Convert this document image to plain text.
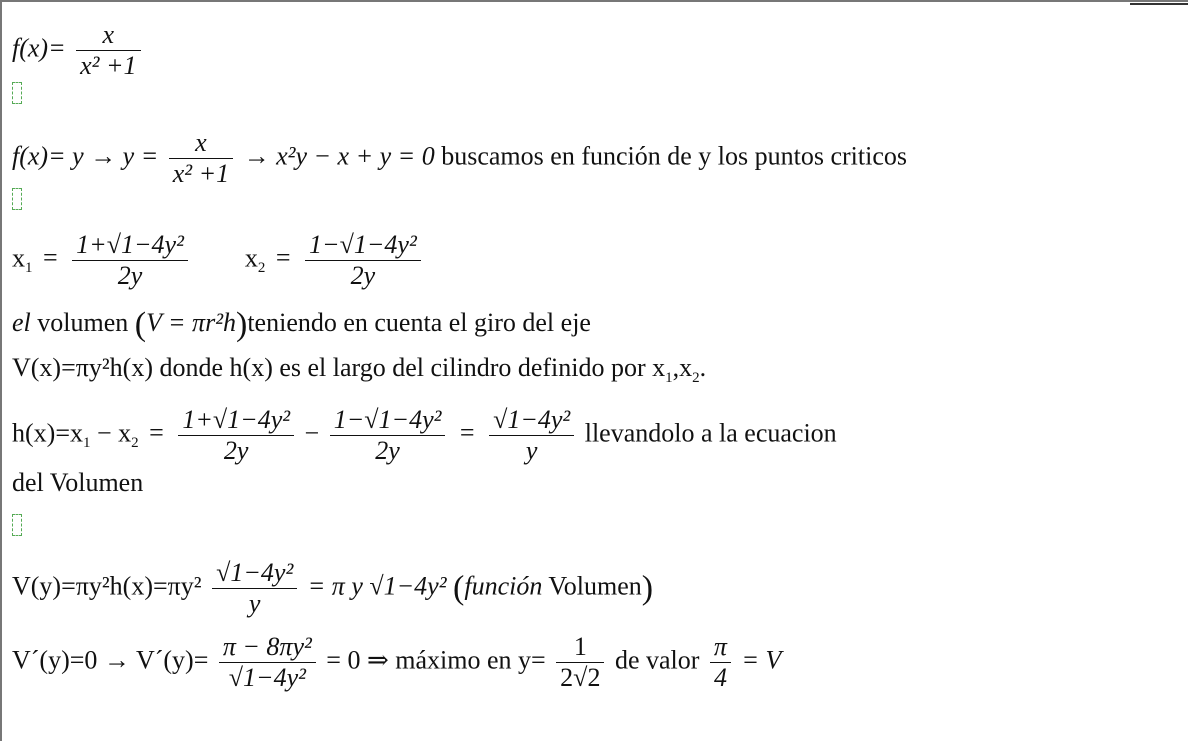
$f(x)= \frac{x}{\text{x² +1}}$
$f(x)= y \to y = \frac{x}{\text{x² +1}} \to x^2y - x + y = 0$ buscamos en función de y los puntos criticos
$x_1 = \frac{\text{1+√1−4y²}}{2y} x_2 = \frac{\text{1−√1−4y²}}{2y}$
el volumen (V = πr²h)teniendo en cuenta el giro del eje
V(x)=πy²h(x) donde h(x) es el largo del cilindro definido por $x_1,x_2$.
$h(x)=x_1 - x_2 = \frac{\text{1+√1−4y²}}{2y} - \frac{\text{1−√1−4y²}}{2y} = \frac{\text{√1−4y²}}{y}$ llevandolo a la ecuacion
del Volumen
$V(y)=\pi y^2h(x)=\pi y^2 \frac{\text{√1−4y²}}{y} = \pi$ y √1−4y² (función Volumen)
V´(y)=0 → V´(y)= $\frac{\text{π − 8πy²}}{\text{√1−4y²}} = 0$ ⇒ máximo en $y= \frac{1}{2√2}$ de valor $\frac{\pi}{4} = V$
